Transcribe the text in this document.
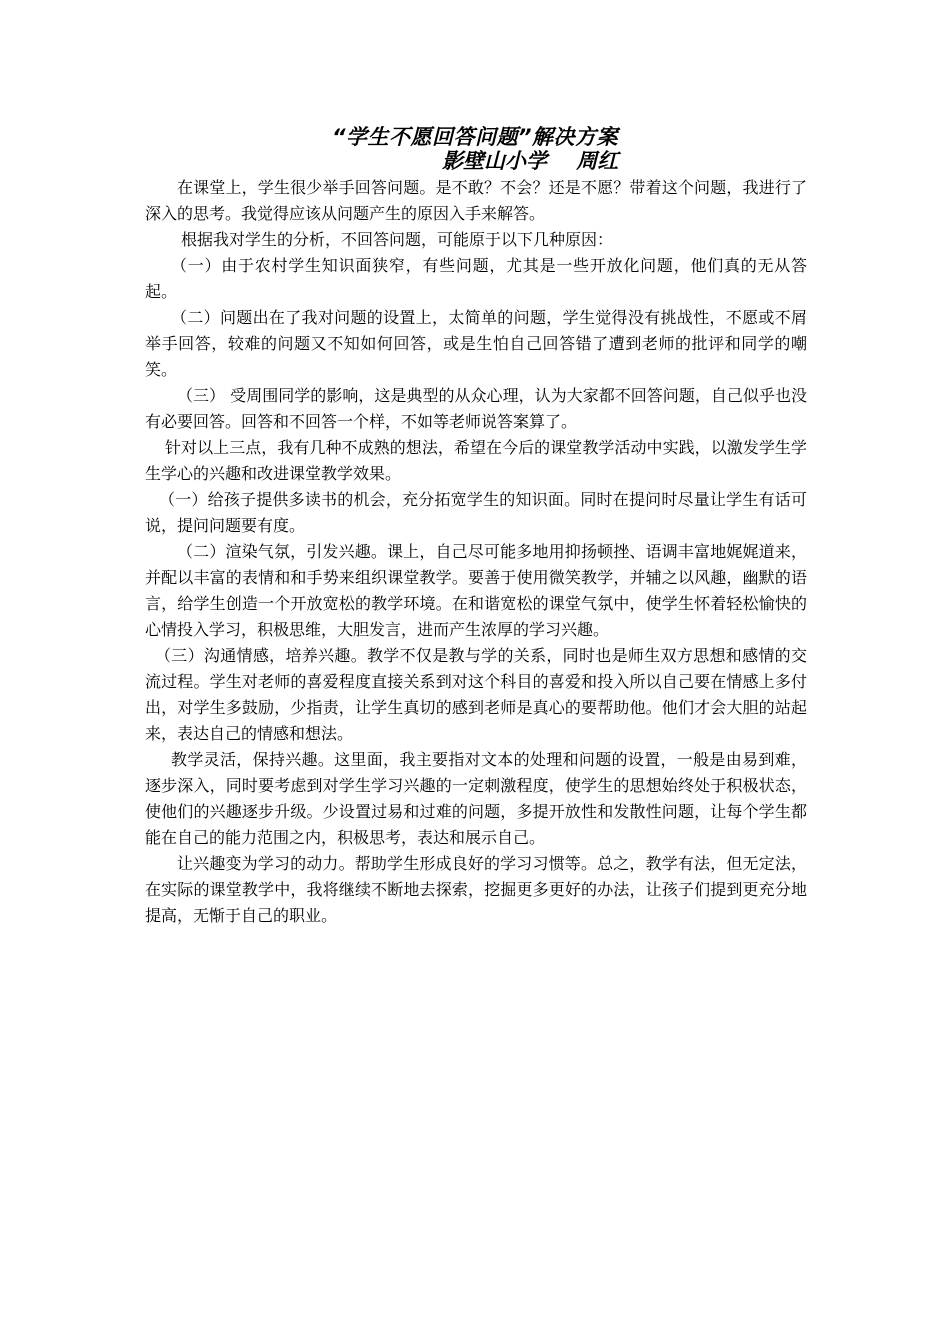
“学生不愿回答问题”解决方案
影壁山小学    周红

在课堂上，学生很少举手回答问题。是不敢？不会？还是不愿？带着这个问题，我进行了深入的思考。我觉得应该从问题产生的原因入手来解答。

根据我对学生的分析，不回答问题，可能原于以下几种原因：

（一）由于农村学生知识面狭窄，有些问题，尤其是一些开放化问题，他们真的无从答起。

（二）问题出在了我对问题的设置上，太简单的问题，学生觉得没有挑战性，不愿或不屑举手回答，较难的问题又不知如何回答，或是生怕自己回答错了遭到老师的批评和同学的嘲笑。

（三） 受周围同学的影响，这是典型的从众心理，认为大家都不回答问题，自己似乎也没有必要回答。回答和不回答一个样，不如等老师说答案算了。

针对以上三点，我有几种不成熟的想法，希望在今后的课堂教学活动中实践，以激发学生学生学心的兴趣和改进课堂教学效果。

（一）给孩子提供多读书的机会，充分拓宽学生的知识面。同时在提问时尽量让学生有话可说，提问问题要有度。

（二）渲染气氛，引发兴趣。课上，自己尽可能多地用抑扬顿挫、语调丰富地娓娓道来，并配以丰富的表情和和手势来组织课堂教学。要善于使用微笑教学，并辅之以风趣，幽默的语言，给学生创造一个开放宽松的教学环境。在和谐宽松的课堂气氛中，使学生怀着轻松愉快的心情投入学习，积极思维，大胆发言，进而产生浓厚的学习兴趣。

（三）沟通情感，培养兴趣。教学不仅是教与学的关系，同时也是师生双方思想和感情的交流过程。学生对老师的喜爱程度直接关系到对这个科目的喜爱和投入所以自己要在情感上多付出，对学生多鼓励，少指责，让学生真切的感到老师是真心的要帮助他。他们才会大胆的站起来，表达自己的情感和想法。

教学灵活，保持兴趣。这里面，我主要指对文本的处理和问题的设置，一般是由易到难，逐步深入，同时要考虑到对学生学习兴趣的一定刺激程度，使学生的思想始终处于积极状态，使他们的兴趣逐步升级。少设置过易和过难的问题，多提开放性和发散性问题，让每个学生都能在自己的能力范围之内，积极思考，表达和展示自己。

让兴趣变为学习的动力。帮助学生形成良好的学习习惯等。总之，教学有法，但无定法，在实际的课堂教学中，我将继续不断地去探索，挖掘更多更好的办法，让孩子们提到更充分地提高，无惭于自己的职业。
